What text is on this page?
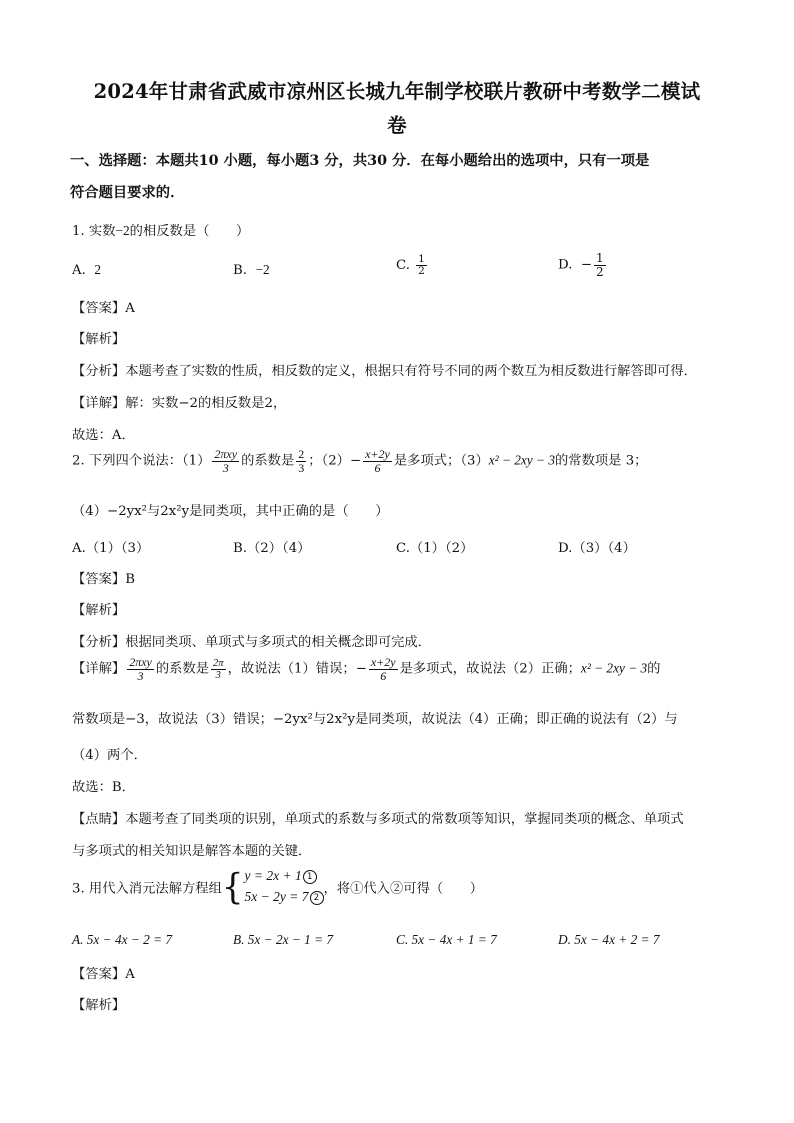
2024年甘肃省武威市凉州区长城九年制学校联片教研中考数学二模试
卷
一、选择题：本题共10 小题，每小题3 分，共30 分．在每小题给出的选项中，只有一项是
符合题目要求的．
1. 实数−2的相反数是（　　）
A. 2	B. −2	C. $\frac{1}{2}$	D. − $\frac{1}{2}$
【答案】A
【解析】
【分析】本题考查了实数的性质，相反数的定义，根据只有符号不同的两个数互为相反数进行解答即可得．
【详解】解：实数−2的相反数是2，
故选：A．
2. 下列四个说法：$(1) \frac{\text{2πxy}}{3}$ 的系数是 $\frac{2}{3}$ ；$(2)- \frac{x+2y}{6}$ 是多项式；（3）x² − 2xy − 3的常数项是 3；
（4）−2yx²与2x²y是同类项，其中正确的是（　　）
A.（1）（3）	B.（2）（4）	C.（1）（2）	D.（3）（4）
【答案】B
【解析】
【分析】根据同类项、单项式与多项式的相关概念即可完成．
【详解】 $\frac{\text{2πxy}}{3}$ 的系数是 $\frac{2\pi}{3}$ ，故说法（1）错误；− $\frac{x+2y}{6}$ 是多项式，故说法（2）正确；x² − 2xy − 3的
常数项是−3，故说法（3）错误；−2yx²与2x²y是同类项，故说法（4）正确；即正确的说法有（2）与
（4）两个．
故选：B．
【点睛】本题考查了同类项的识别，单项式的系数与多项式的常数项等知识，掌握同类项的概念、单项式
与多项式的相关知识是解答本题的关键．
3. 用代入消元法解方程组{ y = 2x + 1 1
5x − 2y = 7 2
，将①代入②可得（　　）
A. 5x − 4x − 2 = 7	B. 5x − 2x − 1 = 7	C. 5x − 4x + 1 = 7	D. 5x − 4x + 2 = 7
【答案】A
【解析】
